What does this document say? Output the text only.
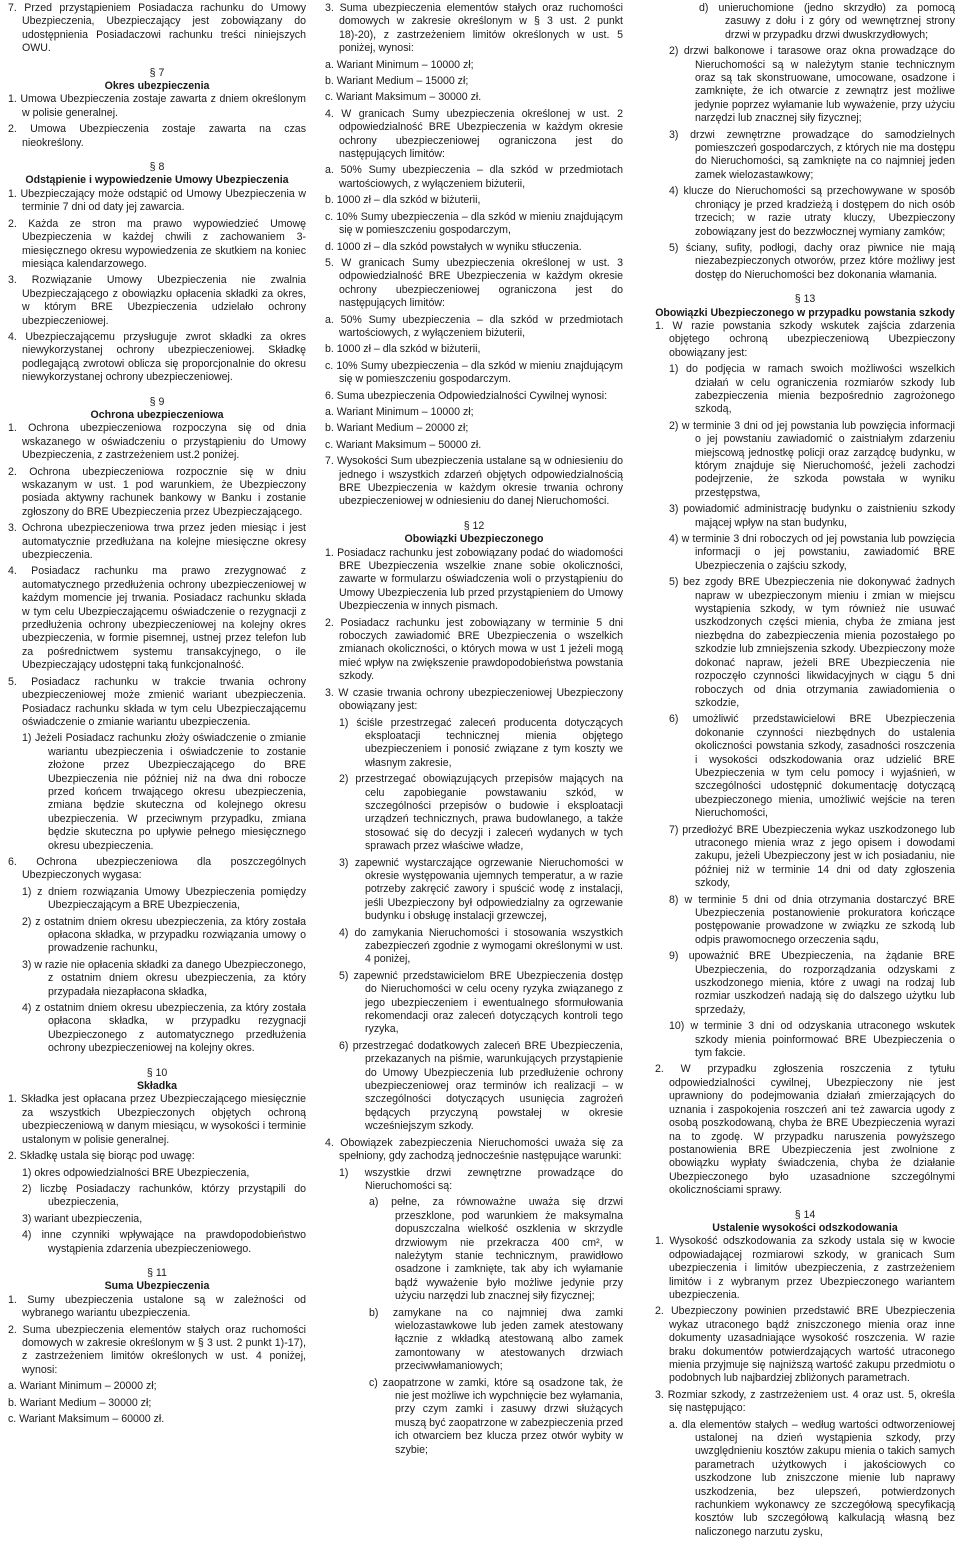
7. Przed przystąpieniem Posiadacza rachunku do Umowy Ubezpieczenia, Ubezpieczający jest zobowiązany do udostępnienia Posiadaczowi rachunku treści niniejszych OWU.

§ 7
Okres ubezpieczenia

1. Umowa Ubezpieczenia zostaje zawarta z dniem określonym w polisie generalnej.

2. Umowa Ubezpieczenia zostaje zawarta na czas nieokreślony.

§ 8
Odstąpienie i wypowiedzenie Umowy Ubezpieczenia

1. Ubezpieczający może odstąpić od Umowy Ubezpieczenia w terminie 7 dni od daty jej zawarcia.

2. Każda ze stron ma prawo wypowiedzieć Umowę Ubezpieczenia w każdej chwili z zachowaniem 3-miesięcznego okresu wypowiedzenia ze skutkiem na koniec miesiąca kalendarzowego.

3. Rozwiązanie Umowy Ubezpieczenia nie zwalnia Ubezpieczającego z obowiązku opłacenia składki za okres, w którym BRE Ubezpieczenia udzielało ochrony ubezpieczeniowej.

4. Ubezpieczającemu przysługuje zwrot składki za okres niewykorzystanej ochrony ubezpieczeniowej. Składkę podlegającą zwrotowi oblicza się proporcjonalnie do okresu niewykorzystanej ochrony ubezpieczeniowej.

§ 9
Ochrona ubezpieczeniowa

1. Ochrona ubezpieczeniowa rozpoczyna się od dnia wskazanego w oświadczeniu o przystąpieniu do Umowy Ubezpieczenia, z zastrzeżeniem ust.2 poniżej.

2. Ochrona ubezpieczeniowa rozpocznie się w dniu wskazanym w ust. 1 pod warunkiem, że Ubezpieczony posiada aktywny rachunek bankowy w Banku i zostanie zgłoszony do BRE Ubezpieczenia przez Ubezpieczającego.

3. Ochrona ubezpieczeniowa trwa przez jeden miesiąc i jest automatycznie przedłużana na kolejne miesięczne okresy ubezpieczenia.

4. Posiadacz rachunku ma prawo zrezygnować z automatycznego przedłużenia ochrony ubezpieczeniowej w każdym momencie jej trwania. Posiadacz rachunku składa w tym celu Ubezpieczającemu oświadczenie o rezygnacji z przedłużenia ochrony ubezpieczeniowej na kolejny okres ubezpieczenia, w formie pisemnej, ustnej przez telefon lub za pośrednictwem systemu transakcyjnego, o ile Ubezpieczający udostępni taką funkcjonalność.

5. Posiadacz rachunku w trakcie trwania ochrony ubezpieczeniowej może zmienić wariant ubezpieczenia. Posiadacz rachunku składa w tym celu Ubezpieczającemu oświadczenie o zmianie wariantu ubezpieczenia.

1) Jeżeli Posiadacz rachunku złoży oświadczenie o zmianie wariantu ubezpieczenia i oświadczenie to zostanie złożone przez Ubezpieczającego do BRE Ubezpieczenia nie później niż na dwa dni robocze przed końcem trwającego okresu ubezpieczenia, zmiana będzie skuteczna od kolejnego okresu ubezpieczenia. W przeciwnym przypadku, zmiana będzie skuteczna po upływie pełnego miesięcznego okresu ubezpieczenia.

6. Ochrona ubezpieczeniowa dla poszczególnych Ubezpieczonych wygasa:

1) z dniem rozwiązania Umowy Ubezpieczenia pomiędzy Ubezpieczającym a BRE Ubezpieczenia,

2) z ostatnim dniem okresu ubezpieczenia, za który została opłacona składka, w przypadku rozwiązania umowy o prowadzenie rachunku,

3) w razie nie opłacenia składki za danego Ubezpieczonego, z ostatnim dniem okresu ubezpieczenia, za który przypadała niezapłacona składka,

4) z ostatnim dniem okresu ubezpieczenia, za który została opłacona składka, w przypadku rezygnacji Ubezpieczonego z automatycznego przedłużenia ochrony ubezpieczeniowej na kolejny okres.

§ 10
Składka

1. Składka jest opłacana przez Ubezpieczającego miesięcznie za wszystkich Ubezpieczonych objętych ochroną ubezpieczeniową w danym miesiącu, w wysokości i terminie ustalonym w polisie generalnej.

2. Składkę ustala się biorąc pod uwagę:

1) okres odpowiedzialności BRE Ubezpieczenia,

2) liczbę Posiadaczy rachunków, którzy przystąpili do ubezpieczenia,

3) wariant ubezpieczenia,

4) inne czynniki wpływające na prawdopodobieństwo wystąpienia zdarzenia ubezpieczeniowego.

§ 11
Suma Ubezpieczenia

1. Sumy ubezpieczenia ustalone są w zależności od wybranego wariantu ubezpieczenia.

2. Suma ubezpieczenia elementów stałych oraz ruchomości domowych w zakresie określonym w § 3 ust. 2 punkt 1)-17), z zastrzeżeniem limitów określonych w ust. 4 poniżej, wynosi:

a. Wariant Minimum – 20000 zł;

b. Wariant Medium – 30000 zł;

c. Wariant Maksimum – 60000 zł.

3. Suma ubezpieczenia elementów stałych oraz ruchomości domowych w zakresie określonym w § 3 ust. 2 punkt 18)-20), z zastrzeżeniem limitów określonych w ust. 5 poniżej, wynosi:

a. Wariant Minimum – 10000 zł;

b. Wariant Medium – 15000 zł;

c. Wariant Maksimum – 30000 zł.

4. W granicach Sumy ubezpieczenia określonej w ust. 2 odpowiedzialność BRE Ubezpieczenia w każdym okresie ochrony ubezpieczeniowej ograniczona jest do następujących limitów:

a. 50% Sumy ubezpieczenia – dla szkód w przedmiotach wartościowych, z wyłączeniem biżuterii,

b. 1000 zł – dla szkód w biżuterii,

c. 10% Sumy ubezpieczenia – dla szkód w mieniu znajdującym się w pomieszczeniu gospodarczym,

d. 1000 zł – dla szkód powstałych w wyniku stłuczenia.

5. W granicach Sumy ubezpieczenia określonej w ust. 3 odpowiedzialność BRE Ubezpieczenia w każdym okresie ochrony ubezpieczeniowej ograniczona jest do następujących limitów:

a. 50% Sumy ubezpieczenia – dla szkód w przedmiotach wartościowych, z wyłączeniem biżuterii,

b. 1000 zł – dla szkód w biżuterii,

c. 10% Sumy ubezpieczenia – dla szkód w mieniu znajdującym się w pomieszczeniu gospodarczym.

6. Suma ubezpieczenia Odpowiedzialności Cywilnej wynosi:

a. Wariant Minimum – 10000 zł;

b. Wariant Medium – 20000 zł;

c. Wariant Maksimum – 50000 zł.

7. Wysokości Sum ubezpieczenia ustalane są w odniesieniu do jednego i wszystkich zdarzeń objętych odpowiedzialnością BRE Ubezpieczenia w każdym okresie trwania ochrony ubezpieczeniowej w odniesieniu do danej Nieruchomości.

§ 12
Obowiązki Ubezpieczonego

1. Posiadacz rachunku jest zobowiązany podać do wiadomości BRE Ubezpieczenia wszelkie znane sobie okoliczności, zawarte w formularzu oświadczenia woli o przystąpieniu do Umowy Ubezpieczenia lub przed przystąpieniem do Umowy Ubezpieczenia w innych pismach.

2. Posiadacz rachunku jest zobowiązany w terminie 5 dni roboczych zawiadomić BRE Ubezpieczenia o wszelkich zmianach okoliczności, o których mowa w ust 1 jeżeli mogą mieć wpływ na zwiększenie prawdopodobieństwa powstania szkody.

3. W czasie trwania ochrony ubezpieczeniowej Ubezpieczony obowiązany jest:

1) ściśle przestrzegać zaleceń producenta dotyczących eksploatacji technicznej mienia objętego ubezpieczeniem i ponosić związane z tym koszty we własnym zakresie,

2) przestrzegać obowiązujących przepisów mających na celu zapobieganie powstawaniu szkód, w szczególności przepisów o budowie i eksploatacji urządzeń technicznych, prawa budowlanego, a także stosować się do decyzji i zaleceń wydanych w tych sprawach przez właściwe władze,

3) zapewnić wystarczające ogrzewanie Nieruchomości w okresie występowania ujemnych temperatur, a w razie potrzeby zakręcić zawory i spuścić wodę z instalacji, jeśli Ubezpieczony był odpowiedzialny za ogrzewanie budynku i obsługę instalacji grzewczej,

4) do zamykania Nieruchomości i stosowania wszystkich zabezpieczeń zgodnie z wymogami określonymi w ust. 4 poniżej,

5) zapewnić przedstawicielom BRE Ubezpieczenia dostęp do Nieruchomości w celu oceny ryzyka związanego z jego ubezpieczeniem i ewentualnego sformułowania rekomendacji oraz zaleceń dotyczących kontroli tego ryzyka,

6) przestrzegać dodatkowych zaleceń BRE Ubezpieczenia, przekazanych na piśmie, warunkujących przystąpienie do Umowy Ubezpieczenia lub przedłużenie ochrony ubezpieczeniowej oraz terminów ich realizacji – w szczególności dotyczących usunięcia zagrożeń będących przyczyną powstałej w okresie wcześniejszym szkody.

4. Obowiązek zabezpieczenia Nieruchomości uważa się za spełniony, gdy zachodzą jednocześnie następujące warunki:

1) wszystkie drzwi zewnętrzne prowadzące do Nieruchomości są:

a) pełne, za równoważne uważa się drzwi przeszklone, pod warunkiem że maksymalna dopuszczalna wielkość oszklenia w skrzydle drzwiowym nie przekracza 400 cm², w należytym stanie technicznym, prawidłowo osadzone i zamknięte, tak aby ich wyłamanie bądź wyważenie było możliwe jedynie przy użyciu narzędzi lub znacznej siły fizycznej;

b) zamykane na co najmniej dwa zamki wielozastawkowe lub jeden zamek atestowany łącznie z wkładką atestowaną albo zamek zamontowany w atestowanych drzwiach przeciwwłamaniowych;

c) zaopatrzone w zamki, które są osadzone tak, że nie jest możliwe ich wypchnięcie bez wyłamania, przy czym zamki i zasuwy drzwi służących muszą być zaopatrzone w zabezpieczenia przed ich otwarciem bez klucza przez otwór wybity w szybie;

d) unieruchomione (jedno skrzydło) za pomocą zasuwy z dołu i z góry od wewnętrznej strony drzwi w przypadku drzwi dwuskrzydłowych;

2) drzwi balkonowe i tarasowe oraz okna prowadzące do Nieruchomości są w należytym stanie technicznym oraz są tak skonstruowane, umocowane, osadzone i zamknięte, że ich otwarcie z zewnątrz jest możliwe jedynie poprzez wyłamanie lub wyważenie, przy użyciu narzędzi lub znacznej siły fizycznej;

3) drzwi zewnętrzne prowadzące do samodzielnych pomieszczeń gospodarczych, z których nie ma dostępu do Nieruchomości, są zamknięte na co najmniej jeden zamek wielozastawkowy;

4) klucze do Nieruchomości są przechowywane w sposób chroniący je przed kradzieżą i dostępem do nich osób trzecich; w razie utraty kluczy, Ubezpieczony zobowiązany jest do bezzwłocznej wymiany zamków;

5) ściany, sufity, podłogi, dachy oraz piwnice nie mają niezabezpieczonych otworów, przez które możliwy jest dostęp do Nieruchomości bez dokonania włamania.

§ 13
Obowiązki Ubezpieczonego w przypadku powstania szkody

1. W razie powstania szkody wskutek zajścia zdarzenia objętego ochroną ubezpieczeniową Ubezpieczony obowiązany jest:

1) do podjęcia w ramach swoich możliwości wszelkich działań w celu ograniczenia rozmiarów szkody lub zabezpieczenia mienia bezpośrednio zagrożonego szkodą,

2) w terminie 3 dni od jej powstania lub powzięcia informacji o jej powstaniu zawiadomić o zaistniałym zdarzeniu miejscową jednostkę policji oraz zarządcę budynku, w którym znajduje się Nieruchomość, jeżeli zachodzi podejrzenie, że szkoda powstała w wyniku przestępstwa,

3) powiadomić administrację budynku o zaistnieniu szkody mającej wpływ na stan budynku,

4) w terminie 3 dni roboczych od jej powstania lub powzięcia informacji o jej powstaniu, zawiadomić BRE Ubezpieczenia o zajściu szkody,

5) bez zgody BRE Ubezpieczenia nie dokonywać żadnych napraw w ubezpieczonym mieniu i zmian w miejscu wystąpienia szkody, w tym również nie usuwać uszkodzonych części mienia, chyba że zmiana jest niezbędna do zabezpieczenia mienia pozostałego po szkodzie lub zmniejszenia szkody. Ubezpieczony może dokonać napraw, jeżeli BRE Ubezpieczenia nie rozpoczęło czynności likwidacyjnych w ciągu 5 dni roboczych od dnia otrzymania zawiadomienia o szkodzie,

6) umożliwić przedstawicielowi BRE Ubezpieczenia dokonanie czynności niezbędnych do ustalenia okoliczności powstania szkody, zasadności roszczenia i wysokości odszkodowania oraz udzielić BRE Ubezpieczenia w tym celu pomocy i wyjaśnień, w szczególności udostępnić dokumentację dotyczącą ubezpieczonego mienia, umożliwić wejście na teren Nieruchomości,

7) przedłożyć BRE Ubezpieczenia wykaz uszkodzonego lub utraconego mienia wraz z jego opisem i dowodami zakupu, jeżeli Ubezpieczony jest w ich posiadaniu, nie później niż w terminie 14 dni od daty zgłoszenia szkody,

8) w terminie 5 dni od dnia otrzymania dostarczyć BRE Ubezpieczenia postanowienie prokuratora kończące postępowanie prowadzone w związku ze szkodą lub odpis prawomocnego orzeczenia sądu,

9) upoważnić BRE Ubezpieczenia, na żądanie BRE Ubezpieczenia, do rozporządzania odzyskami z uszkodzonego mienia, które z uwagi na rodzaj lub rozmiar uszkodzeń nadają się do dalszego użytku lub sprzedaży,

10) w terminie 3 dni od odzyskania utraconego wskutek szkody mienia poinformować BRE Ubezpieczenia o tym fakcie.

2. W przypadku zgłoszenia roszczenia z tytułu odpowiedzialności cywilnej, Ubezpieczony nie jest uprawniony do podejmowania działań zmierzających do uznania i zaspokojenia roszczeń ani też zawarcia ugody z osobą poszkodowaną, chyba że BRE Ubezpieczenia wyrazi na to zgodę. W przypadku naruszenia powyższego postanowienia BRE Ubezpieczenia jest zwolnione z obowiązku wypłaty świadczenia, chyba że działanie Ubezpieczonego było uzasadnione szczególnymi okolicznościami sprawy.

§ 14
Ustalenie wysokości odszkodowania

1. Wysokość odszkodowania za szkody ustala się w kwocie odpowiadającej rozmiarowi szkody, w granicach Sum ubezpieczenia i limitów ubezpieczenia, z zastrzeżeniem limitów i z wybranym przez Ubezpieczonego wariantem ubezpieczenia.

2. Ubezpieczony powinien przedstawić BRE Ubezpieczenia wykaz utraconego bądź zniszczonego mienia oraz inne dokumenty uzasadniające wysokość roszczenia. W razie braku dokumentów potwierdzających wartość utraconego mienia przyjmuje się najniższą wartość zakupu przedmiotu o podobnych lub najbardziej zbliżonych parametrach.

3. Rozmiar szkody, z zastrzeżeniem ust. 4 oraz ust. 5, określa się następująco:

a. dla elementów stałych – według wartości odtworzeniowej ustalonej na dzień wystąpienia szkody, przy uwzględnieniu kosztów zakupu mienia o takich samych parametrach użytkowych i jakościowych co uszkodzone lub zniszczone mienie lub naprawy uszkodzenia, bez ulepszeń, potwierdzonych rachunkiem wykonawcy ze szczegółową specyfikacją kosztów lub szczegółową kalkulacją własną bez naliczonego narzutu zysku,
